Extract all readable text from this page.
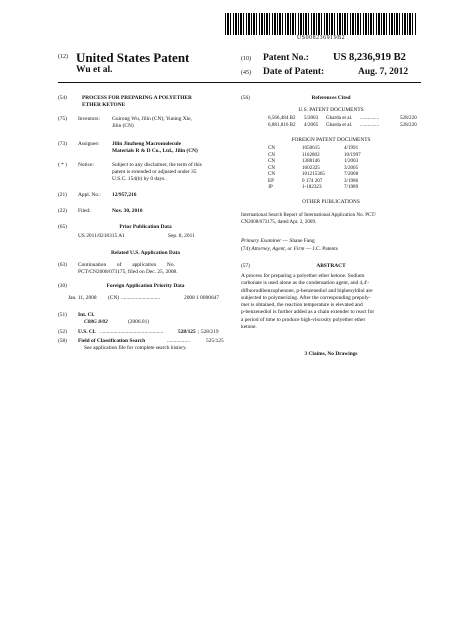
US008236919B2
(12) United States Patent
Wu et al.
(10) Patent No.: US 8,236,919 B2
(45) Date of Patent:	Aug. 7, 2012
(54)	PROCESS FOR PREPARING A POLYETHER
ETHER KETONE
(75) Inventors: Guirong Wu, Jilin (CN); Yuning Xie,
Jilin (CN)
(73) Assignee: Jilin Jinzheng Macromolecule
Materials R & D Co., Ltd., Jilin (CN)
( * ) Notice:	Subject to any disclaimer, the term of this
patent is extended or adjusted under 35
U.S.C. 154(b) by 0 days.
(21) Appl. No.: 12/957,216
(22) Filed:	Nov. 30, 2010
(65)	Prior Publication Data
US 2011/0218315 A1	Sep. 8, 2011
Related U.S. Application Data
(63) Continuation        of        application        No.
PCT/CN2008/073175, filed on Dec. 25, 2008.
(30)	Foreign Application Priority Data
Jan. 11, 2008 (CN) .............................	2008 1 0000647
(51) Int. Cl.
C08G 8/02	(2006.01)
(52) U.S. Cl. ...............................................	528/125 ; 528/219
(58) Field of Classification Search	.................	525/125
See application file for complete search history.
(56)	References Cited
U.S. PATENT DOCUMENTS
6,566,484 B2	5/2003	Gharda et al.	...............	528/220
6,881,816 B2	4/2005	Gharda et al.	...............	528/220
FOREIGN PATENT DOCUMENTS
CN	1050615	4/1991
CN	1162802	10/1997
CN	1388146	1/2003
CN	1602325	3/2005
CN	101215365	7/2008
EP	0 174 207	3/1986
JP	1-182323	7/1989
OTHER PUBLICATIONS
International Search Report of International Application No. PCT/
CN2008/073175, dated Apr. 2, 2009.
Primary Examiner — Shane Fang
(74) Attorney, Agent, or Firm — J.C. Patents
(57)	ABSTRACT
A process for preparing a polyether ether ketone. Sodium
carbonate is used alone as the condensation agent, and 4,4'-
difluorodibenzophenone, p-benzenediol and biphenyldiol are
subjected to polymerizing. After the corresponding prepoly-
mer is obtained, the reaction temperature is elevated and
p-benzenediol is further added as a chain extender to react for
a period of time to produce high-viscosity polyether ether
ketone.
3 Claims, No Drawings
